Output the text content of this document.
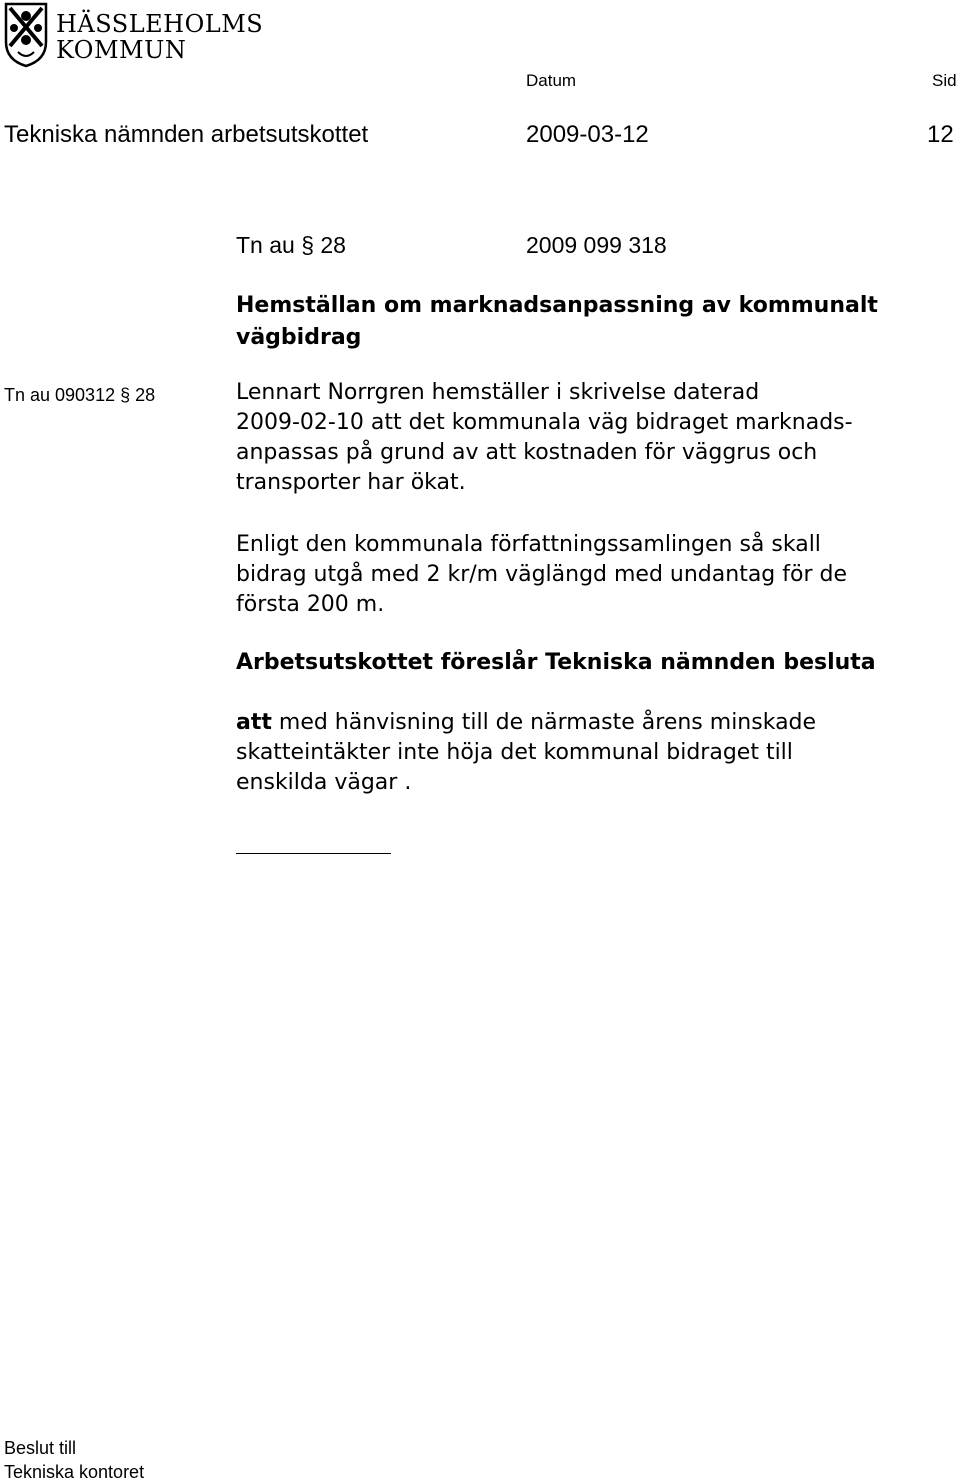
HÄSSLEHOLMS
KOMMUN
Datum	Sid
Tekniska nämnden arbetsutskottet	2009-03-12	12
Tn au § 28	2009 099 318
Hemställan om marknadsanpassning av kommunalt vägbidrag
Tn au 090312 § 28	Lennart Norrgren hemställer i skrivelse daterad
2009-02-10 att det kommunala väg bidraget marknads-
anpassas på grund av att kostnaden för väggrus och
transporter har ökat.
Enligt den kommunala författningssamlingen så skall
bidrag utgå med 2 kr/m väglängd med undantag för de
första 200 m.
Arbetsutskottet föreslår Tekniska nämnden besluta
att med hänvisning till de närmaste årens minskade
skatteintäkter inte höja det kommunal bidraget till
enskilda vägar .
Beslut till
Tekniska kontoret
